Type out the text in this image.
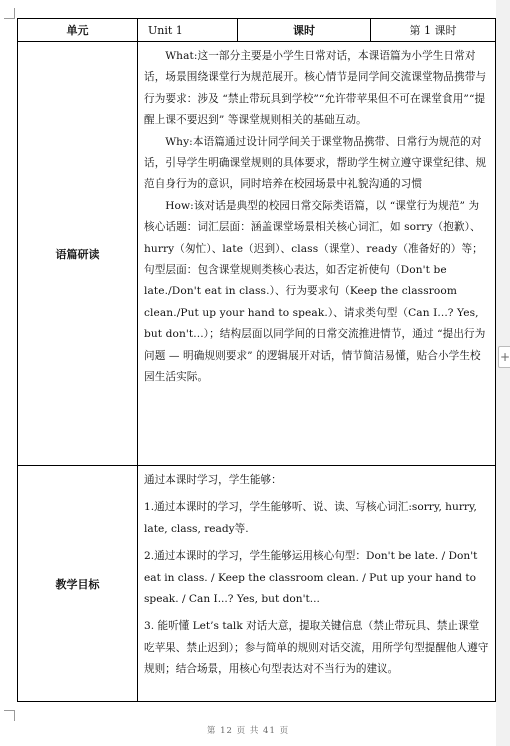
单元	Unit 1	课时	第 1 课时
语篇研读	What:这一部分主要是小学生日常对话，本课语篇为小学生日常对话，场景围绕课堂行为规范展开。核心情节是同学间交流课堂物品携带与行为要求：涉及 “禁止带玩具到学校”“允许带苹果但不可在课堂食用”“提醒上课不要迟到” 等课堂规则相关的基础互动。

Why:本语篇通过设计同学间关于课堂物品携带、日常行为规范的对话，引导学生明确课堂规则的具体要求，帮助学生树立遵守课堂纪律、规范自身行为的意识，同时培养在校园场景中礼貌沟通的习惯

How:该对话是典型的校园日常交际类语篇，以 “课堂行为规范” 为核心话题：词汇层面：涵盖课堂场景相关核心词汇，如 sorry（抱歉）、hurry（匆忙）、late（迟到）、class（课堂）、ready（准备好的）等；句型层面：包含课堂规则类核心表达，如否定祈使句（Don't be late./Don't eat in class.）、行为要求句（Keep the classroom clean./Put up your hand to speak.）、请求类句型（Can I...? Yes, but don't...）；结构层面以同学间的日常交流推进情节，通过 “提出行为问题 — 明确规则要求” 的逻辑展开对话，情节简洁易懂，贴合小学生校园生活实际。		

教学目标	通过本课时学习，学生能够：

1.通过本课时的学习，学生能够听、说、读、写核心词汇:sorry, hurry, late, class, ready等.

2.通过本课时的学习，学生能够运用核心句型：Don't be late. / Don't eat in class. / Keep the classroom clean. / Put up your hand to speak. / Can I...? Yes, but don't...

3. 能听懂 Let’s talk 对话大意，提取关键信息（禁止带玩具、禁止课堂吃苹果、禁止迟到）；参与简单的规则对话交流，用所学句型提醒他人遵守规则；结合场景，用核心句型表达对不当行为的建议。		

第 12 页 共 41 页
+
